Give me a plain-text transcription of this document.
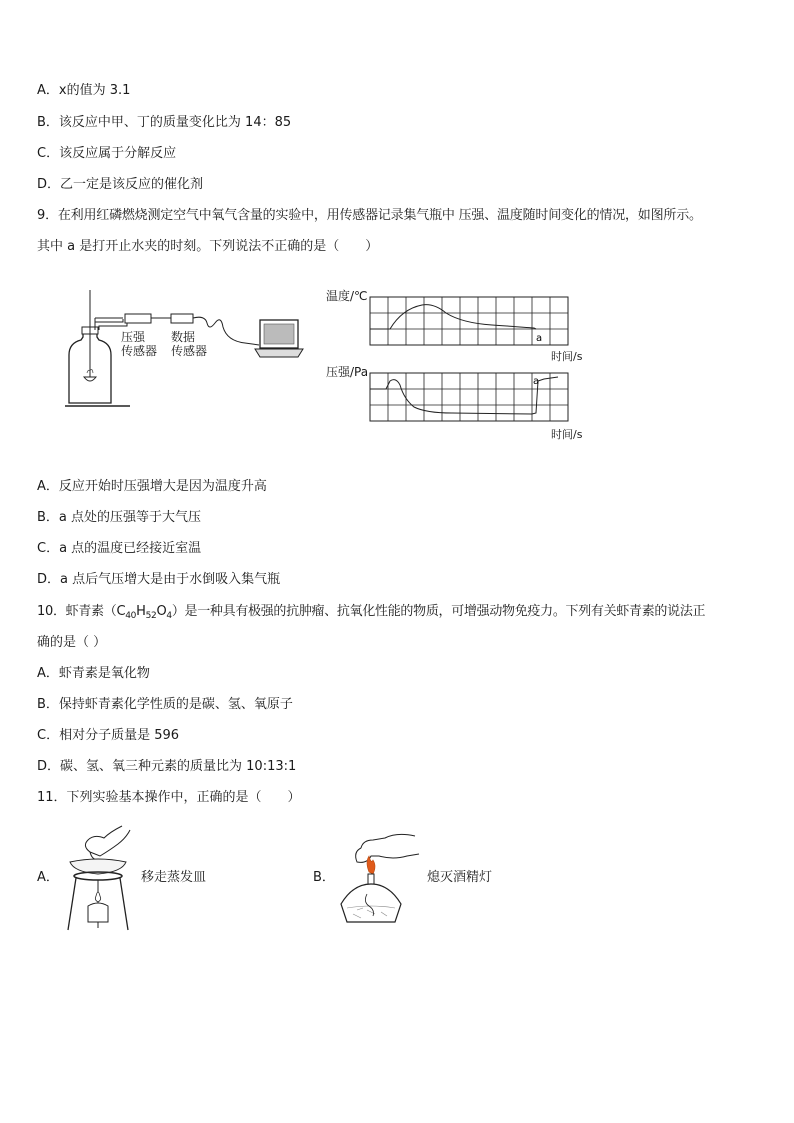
A．x的值为 3.1
B．该反应中甲、丁的质量变化比为 14：85
C．该反应属于分解反应
D．乙一定是该反应的催化剂
9．在利用红磷燃烧测定空气中氧气含量的实验中，用传感器记录集气瓶中 压强、温度随时间变化的情况，如图所示。
其中 a 是打开止水夹的时刻。下列说法不正确的是（　　）
压强
传感器
数据
传感器
a
a
温度/℃
时间/s
压强/Pa
时间/s
A．反应开始时压强增大是因为温度升高
B．a 点处的压强等于大气压
C．a 点的温度已经接近室温
D．a 点后气压增大是由于水倒吸入集气瓶
10．虾青素$(C_{40}H_{52}O_4)$是一种具有极强的抗肿瘤、抗氧化性能的物质，可增强动物免疫力。下列有关虾青素的说法正
确的是（ ）
A．虾青素是氧化物
B．保持虾青素化学性质的是碳、氢、氧原子
C．相对分子质量是 596
D．碳、氢、氧三种元素的质量比为 10:13:1
11．下列实验基本操作中，正确的是（　　）
A．	移走蒸发皿	B．	熄灭酒精灯
